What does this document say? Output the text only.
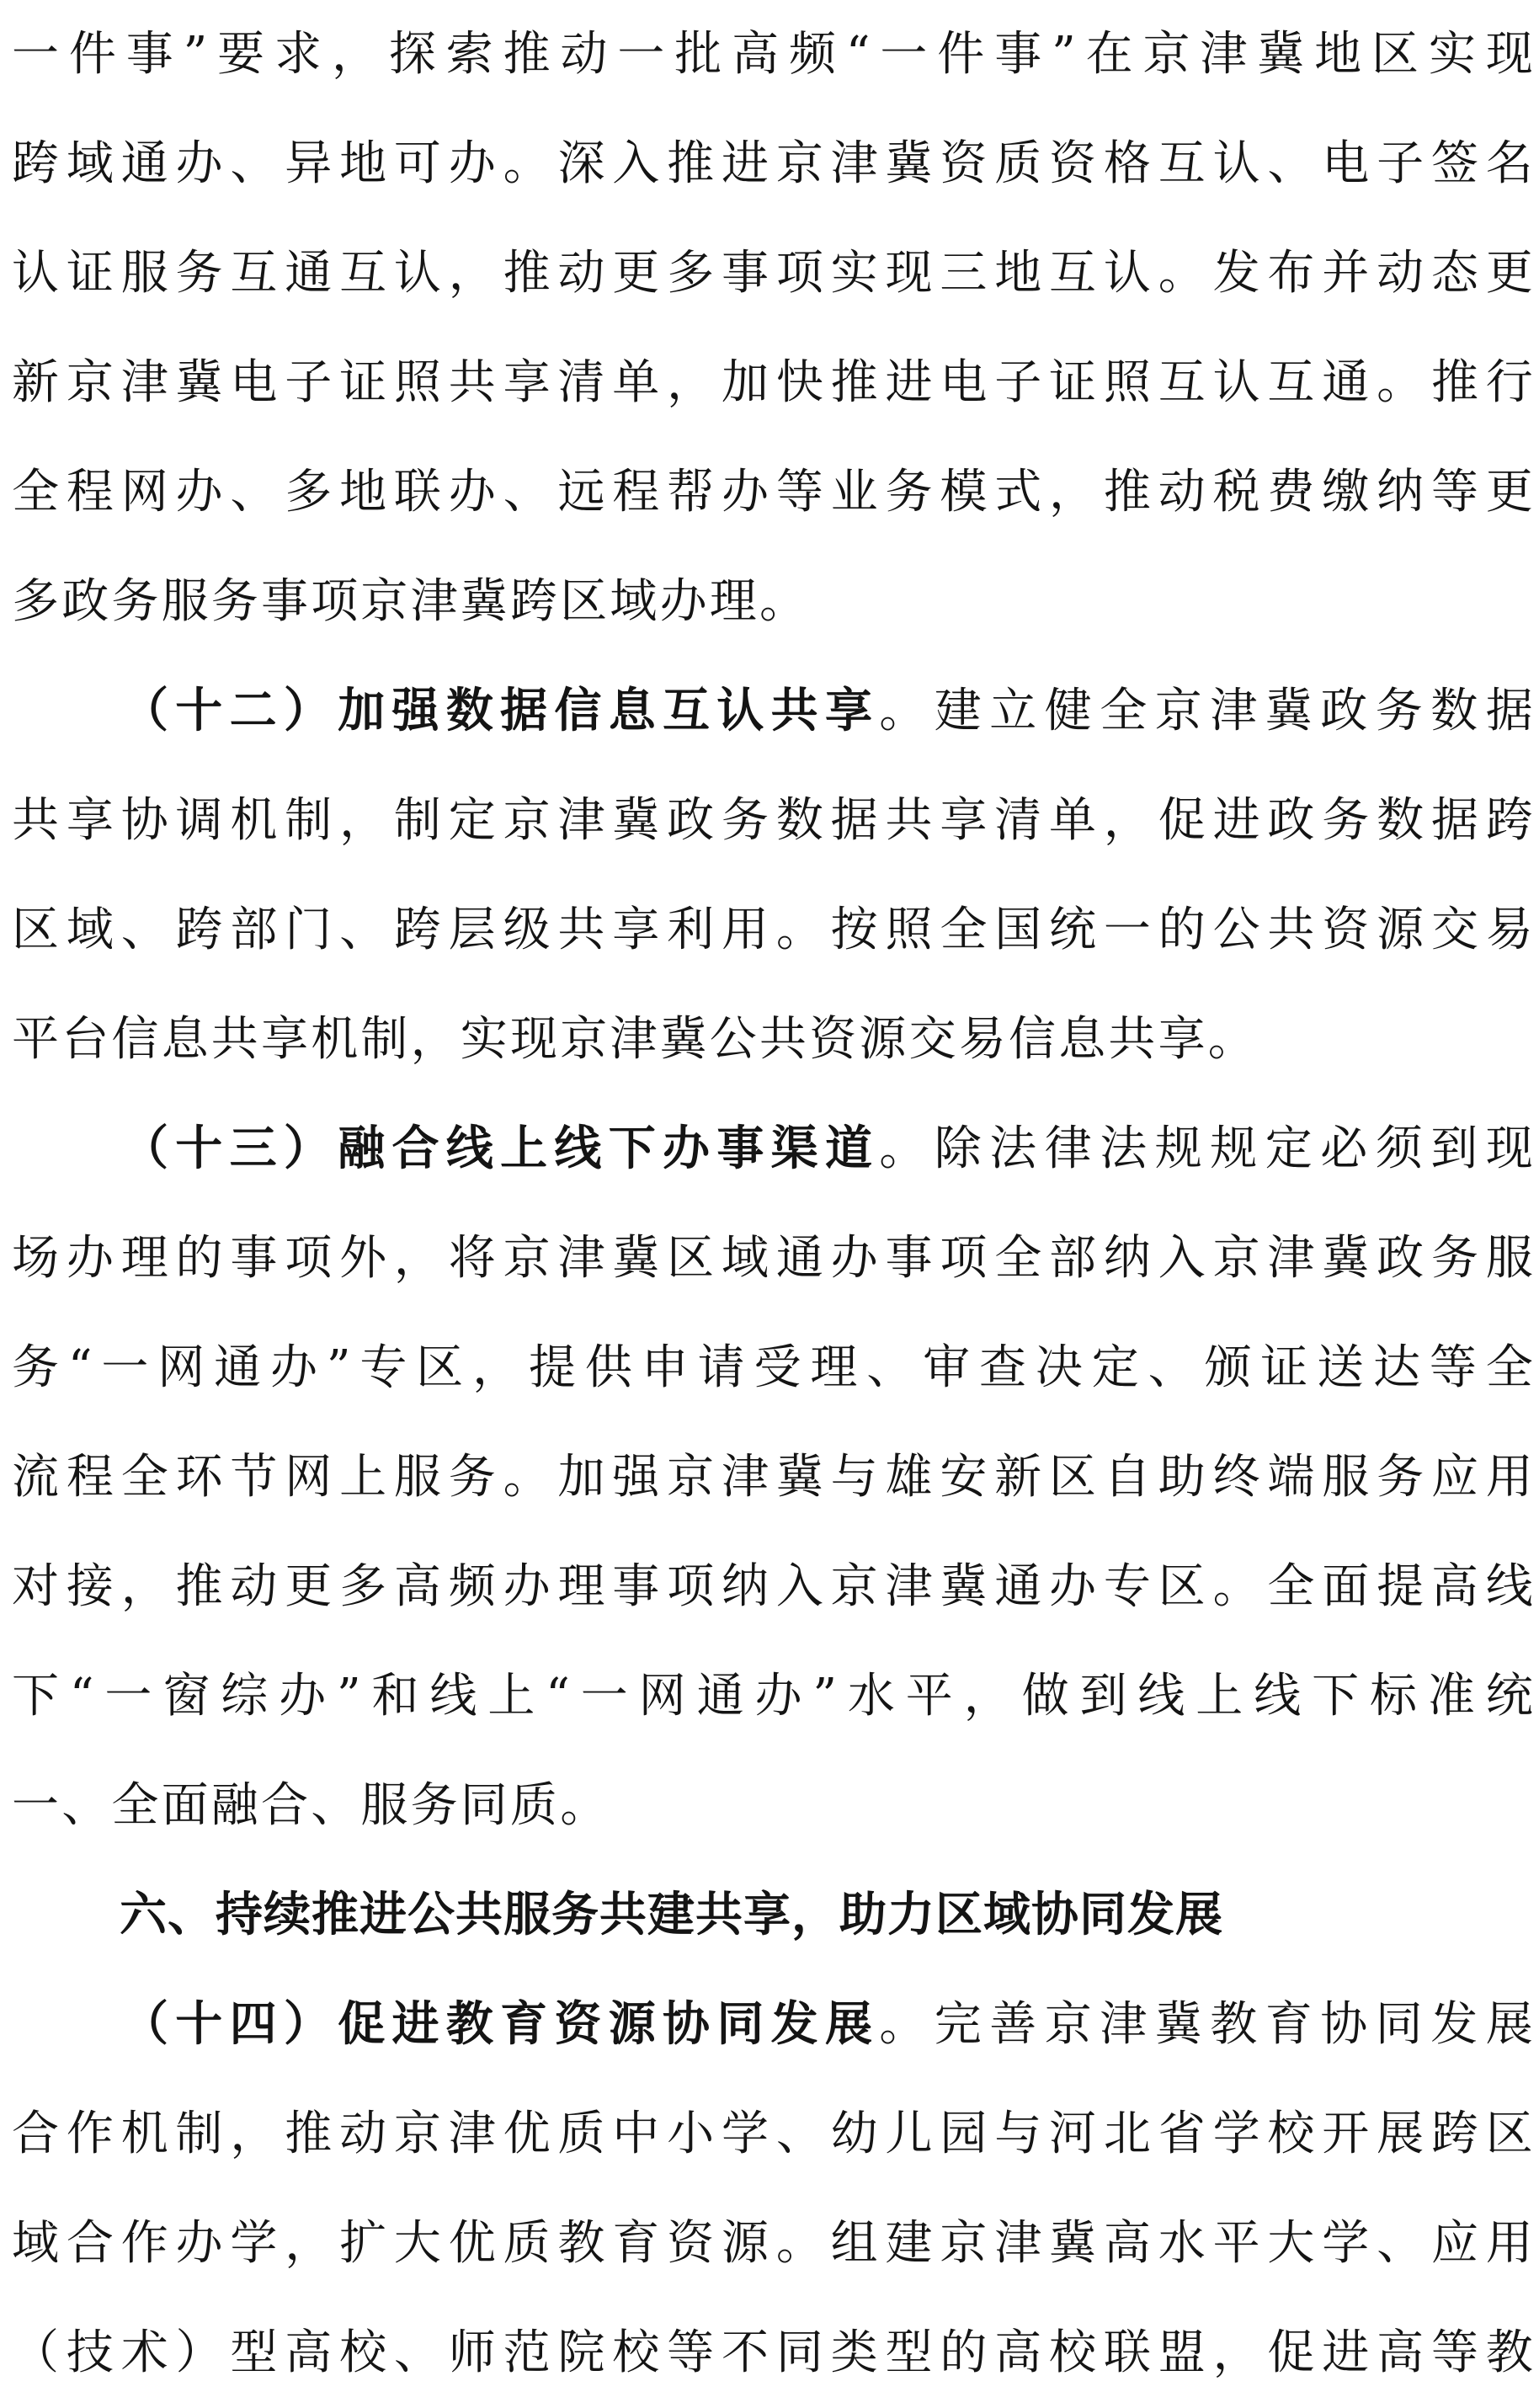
一件事”要求，探索推动一批高频“一件事”在京津冀地区实现
跨域通办、异地可办。深入推进京津冀资质资格互认、电子签名
认证服务互通互认，推动更多事项实现三地互认。发布并动态更
新京津冀电子证照共享清单，加快推进电子证照互认互通。推行
全程网办、多地联办、远程帮办等业务模式，推动税费缴纳等更
多政务服务事项京津冀跨区域办理。
（十二）加强数据信息互认共享。建立健全京津冀政务数据
共享协调机制，制定京津冀政务数据共享清单，促进政务数据跨
区域、跨部门、跨层级共享利用。按照全国统一的公共资源交易
平台信息共享机制，实现京津冀公共资源交易信息共享。
（十三）融合线上线下办事渠道。除法律法规规定必须到现
场办理的事项外，将京津冀区域通办事项全部纳入京津冀政务服
务“一网通办”专区，提供申请受理、审查决定、颁证送达等全
流程全环节网上服务。加强京津冀与雄安新区自助终端服务应用
对接，推动更多高频办理事项纳入京津冀通办专区。全面提高线
下“一窗综办”和线上“一网通办”水平，做到线上线下标准统
一、全面融合、服务同质。
六、持续推进公共服务共建共享，助力区域协同发展
（十四）促进教育资源协同发展。完善京津冀教育协同发展
合作机制，推动京津优质中小学、幼儿园与河北省学校开展跨区
域合作办学，扩大优质教育资源。组建京津冀高水平大学、应用
（技术）型高校、师范院校等不同类型的高校联盟，促进高等教
